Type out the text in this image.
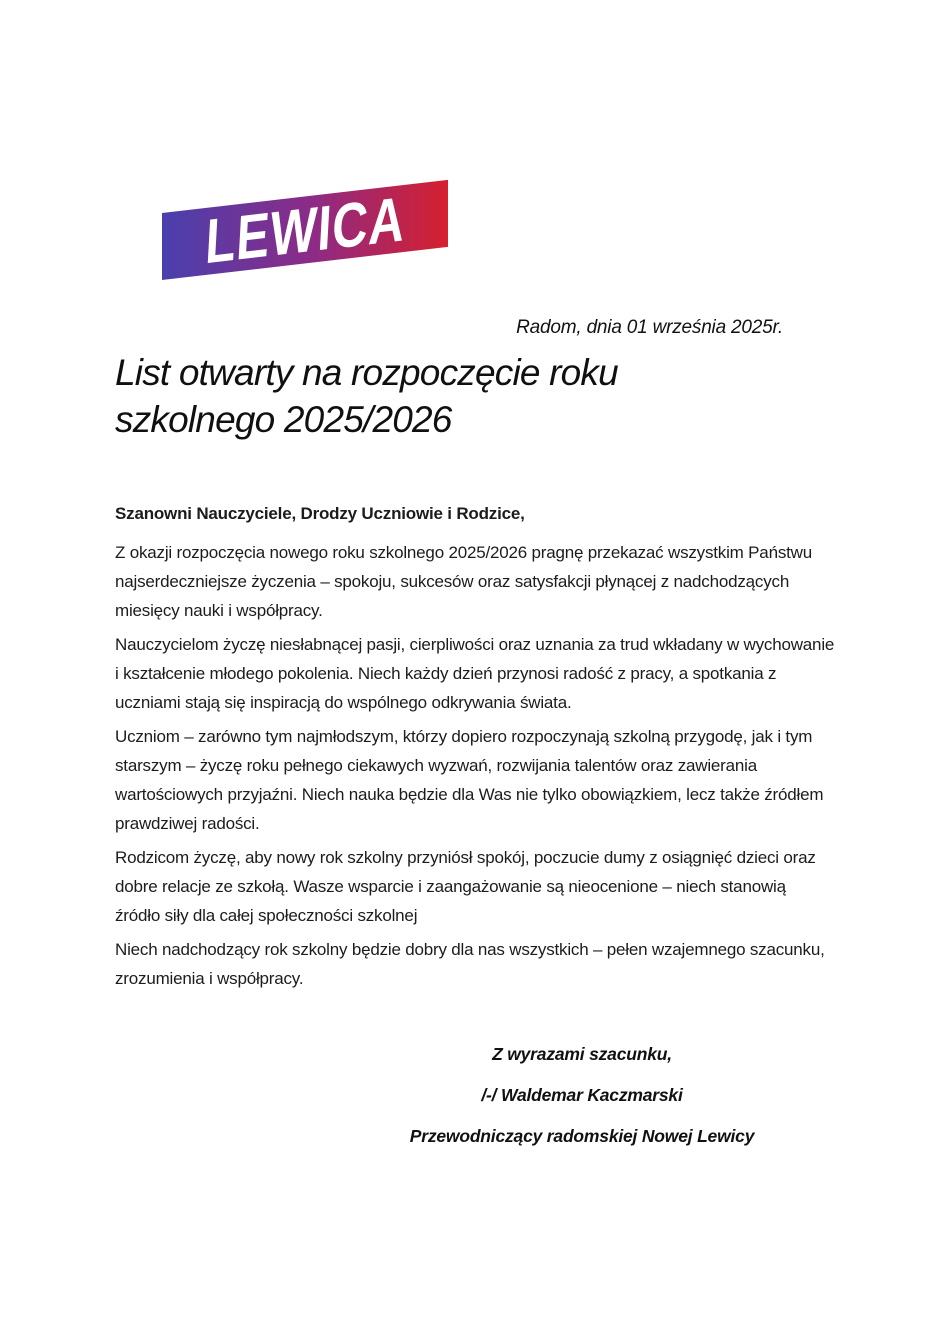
LEWICA
Radom, dnia 01 września 2025r.
List otwarty na rozpoczęcie roku szkolnego 2025/2026

Szanowni Nauczyciele, Drodzy Uczniowie i Rodzice,

Z okazji rozpoczęcia nowego roku szkolnego 2025/2026 pragnę przekazać wszystkim Państwu najserdeczniejsze życzenia – spokoju, sukcesów oraz satysfakcji płynącej z nadchodzących miesięcy nauki i współpracy.

Nauczycielom życzę niesłabnącej pasji, cierpliwości oraz uznania za trud wkładany w wychowanie i kształcenie młodego pokolenia. Niech każdy dzień przynosi radość z pracy, a spotkania z uczniami stają się inspiracją do wspólnego odkrywania świata.

Uczniom – zarówno tym najmłodszym, którzy dopiero rozpoczynają szkolną przygodę, jak i tym starszym – życzę roku pełnego ciekawych wyzwań, rozwijania talentów oraz zawierania wartościowych przyjaźni. Niech nauka będzie dla Was nie tylko obowiązkiem, lecz także źródłem prawdziwej radości.

Rodzicom życzę, aby nowy rok szkolny przyniósł spokój, poczucie dumy z osiągnięć dzieci oraz dobre relacje ze szkołą. Wasze wsparcie i zaangażowanie są nieocenione – niech stanowią źródło siły dla całej społeczności szkolnej

Niech nadchodzący rok szkolny będzie dobry dla nas wszystkich – pełen wzajemnego szacunku, zrozumienia i współpracy.

Z wyrazami szacunku,

/-/ Waldemar Kaczmarski

Przewodniczący radomskiej Nowej Lewicy
